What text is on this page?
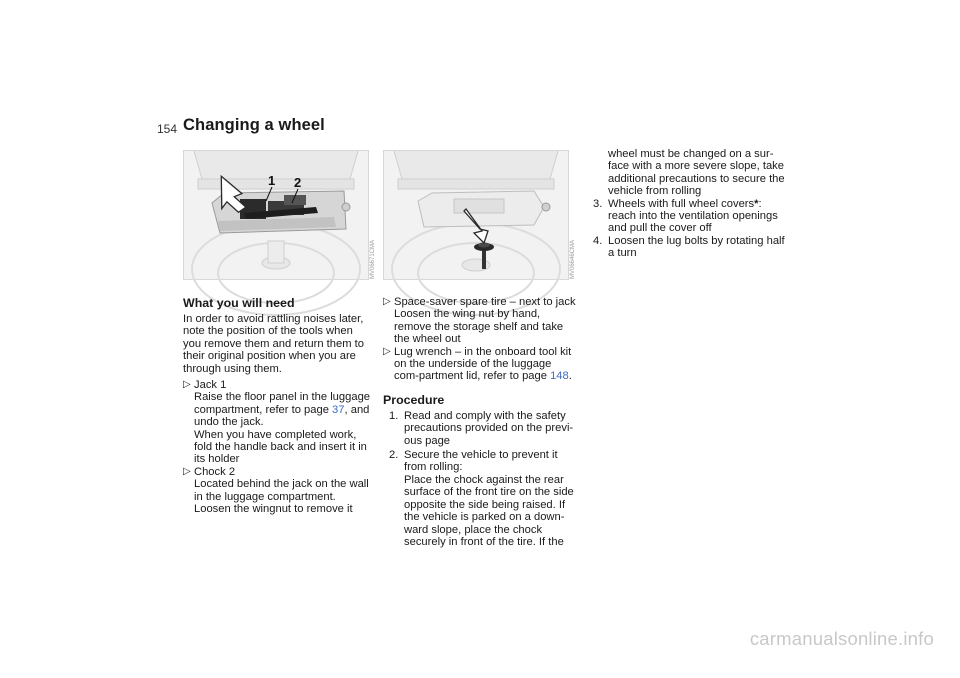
154 Changing a wheel
1 2
MV06671CMA	MV06646CMA
What you will need

In order to avoid rattling noises later, note the position of the tools when you remove them and return them to their original position when you are through using them.

▷ Jack 1
Raise the floor panel in the luggage compartment, refer to page 37, and undo the jack.
When you have completed work, fold the handle back and insert it in its holder
▷ Chock 2
Located behind the jack on the wall in the luggage compartment. Loosen the wingnut to remove it
▷ Space-saver spare tire – next to jack
Loosen the wing nut by hand, remove the storage shelf and take the wheel out
▷ Lug wrench – in the onboard tool kit on the underside of the luggage com-partment lid, refer to page 148.
Procedure
1. Read and comply with the safety precautions provided on the previ-ous page
2. Secure the vehicle to prevent it from rolling:
Place the chock against the rear surface of the front tire on the side opposite the side being raised. If the vehicle is parked on a down-ward slope, place the chock securely in front of the tire. If the
wheel must be changed on a sur-face with a more severe slope, take additional precautions to secure the vehicle from rolling
3. Wheels with full wheel covers*:
reach into the ventilation openings and pull the cover off
4. Loosen the lug bolts by rotating half a turn
carmanualsonline.info
